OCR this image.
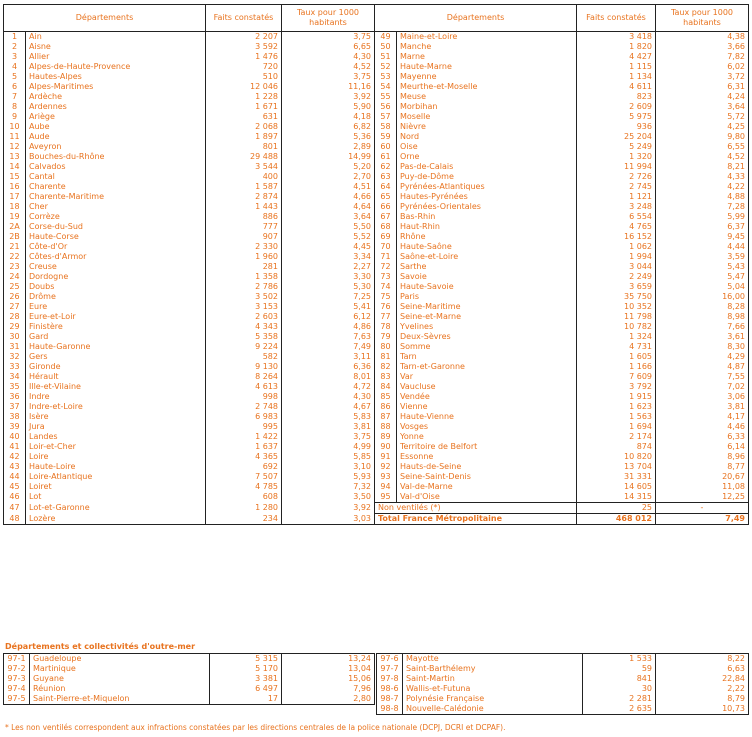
Départements		Faits constatés	Taux pour 1000 habitants	Départements		Faits constatés	Taux pour 1000 habitants
1	Ain	2 207	3,75	49	Maine-et-Loire	3 418	4,38
2	Aisne	3 592	6,65	50	Manche	1 820	3,66
3	Allier	1 476	4,30	51	Marne	4 427	7,82
4	Alpes-de-Haute-Provence	720	4,52	52	Haute-Marne	1 115	6,02
5	Hautes-Alpes	510	3,75	53	Mayenne	1 134	3,72
6	Alpes-Maritimes	12 046	11,16	54	Meurthe-et-Moselle	4 611	6,31
7	Ardèche	1 228	3,92	55	Meuse	823	4,24
8	Ardennes	1 671	5,90	56	Morbihan	2 609	3,64
9	Ariège	631	4,18	57	Moselle	5 975	5,72
10	Aube	2 068	6,82	58	Nièvre	936	4,25
11	Aude	1 897	5,36	59	Nord	25 204	9,80
12	Aveyron	801	2,89	60	Oise	5 249	6,55
13	Bouches-du-Rhône	29 488	14,99	61	Orne	1 320	4,52
14	Calvados	3 544	5,20	62	Pas-de-Calais	11 994	8,21
15	Cantal	400	2,70	63	Puy-de-Dôme	2 726	4,33
16	Charente	1 587	4,51	64	Pyrénées-Atlantiques	2 745	4,22
17	Charente-Maritime	2 874	4,66	65	Hautes-Pyrénées	1 121	4,88
18	Cher	1 443	4,64	66	Pyrénées-Orientales	3 248	7,28
19	Corrèze	886	3,64	67	Bas-Rhin	6 554	5,99
2A	Corse-du-Sud	777	5,50	68	Haut-Rhin	4 765	6,37
2B	Haute-Corse	907	5,52	69	Rhône	16 152	9,45
21	Côte-d'Or	2 330	4,45	70	Haute-Saône	1 062	4,44
22	Côtes-d'Armor	1 960	3,34	71	Saône-et-Loire	1 994	3,59
23	Creuse	281	2,27	72	Sarthe	3 044	5,43
24	Dordogne	1 358	3,30	73	Savoie	2 249	5,47
25	Doubs	2 786	5,30	74	Haute-Savoie	3 659	5,04
26	Drôme	3 502	7,25	75	Paris	35 750	16,00
27	Eure	3 153	5,41	76	Seine-Maritime	10 352	8,28
28	Eure-et-Loir	2 603	6,12	77	Seine-et-Marne	11 798	8,98
29	Finistère	4 343	4,86	78	Yvelines	10 782	7,66
30	Gard	5 358	7,63	79	Deux-Sèvres	1 324	3,61
31	Haute-Garonne	9 224	7,49	80	Somme	4 731	8,30
32	Gers	582	3,11	81	Tarn	1 605	4,29
33	Gironde	9 130	6,36	82	Tarn-et-Garonne	1 166	4,87
34	Hérault	8 264	8,01	83	Var	7 609	7,55
35	Ille-et-Vilaine	4 613	4,72	84	Vaucluse	3 792	7,02
36	Indre	998	4,30	85	Vendée	1 915	3,06
37	Indre-et-Loire	2 748	4,67	86	Vienne	1 623	3,81
38	Isère	6 983	5,83	87	Haute-Vienne	1 563	4,17
39	Jura	995	3,81	88	Vosges	1 694	4,46
40	Landes	1 422	3,75	89	Yonne	2 174	6,33
41	Loir-et-Cher	1 637	4,99	90	Territoire de Belfort	874	6,14
42	Loire	4 365	5,85	91	Essonne	10 820	8,96
43	Haute-Loire	692	3,10	92	Hauts-de-Seine	13 704	8,77
44	Loire-Atlantique	7 507	5,93	93	Seine-Saint-Denis	31 331	20,67
45	Loiret	4 785	7,32	94	Val-de-Marne	14 605	11,08
46	Lot	608	3,50	95	Val-d'Oise	14 315	12,25
47	Lot-et-Garonne	1 280	3,92	Non ventilés (*)		25	-
48	Lozère	234	3,03	Total France Métropolitaine		468 012	7,49
Départements et collectivités d'outre-mer
97-1	Guadeloupe	5 315	13,24
97-2	Martinique	5 170	13,04
97-3	Guyane	3 381	15,06
97-4	Réunion	6 497	7,96
97-5	Saint-Pierre-et-Miquelon	17	2,80
97-6	Mayotte	1 533	8,22
97-7	Saint-Barthélemy	59	6,63
97-8	Saint-Martin	841	22,84
98-6	Wallis-et-Futuna	30	2,22
98-7	Polynésie Française	2 281	8,79
98-8	Nouvelle-Calédonie	2 635	10,73
* Les non ventilés correspondent aux infractions constatées par les directions centrales de la police nationale (DCPJ, DCRI et DCPAF).
